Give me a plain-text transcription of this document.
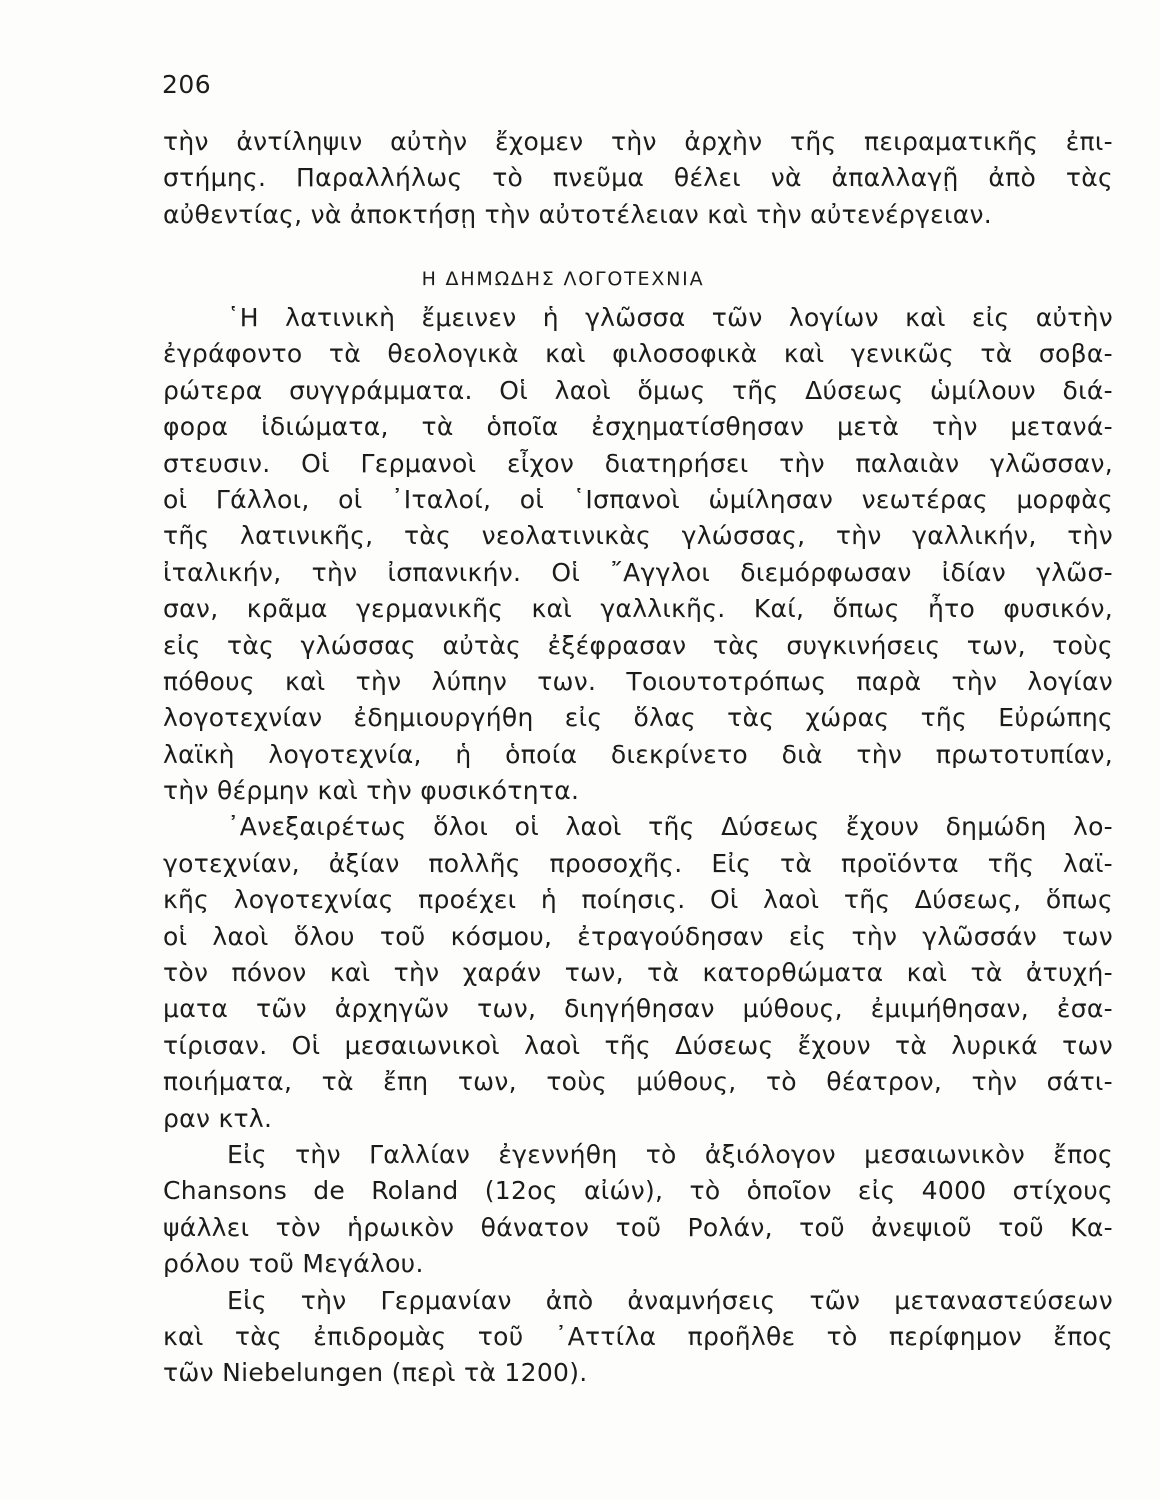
206
τὴν ἀντίληψιν αὐτὴν ἔχομεν τὴν ἀρχὴν τῆς πειραματικῆς ἐπι-
στήμης. Παραλλήλως τὸ πνεῦμα θέλει νὰ ἀπαλλαγῇ ἀπὸ τὰς
αὐθεντίας, νὰ ἀποκτήσῃ τὴν αὐτοτέλειαν καὶ τὴν αὐτενέργειαν.
Η ΔΗΜΩΔΗΣ ΛΟΓΟΤΕΧΝΙΑ
῾Η λατινικὴ ἔμεινεν ἡ γλῶσσα τῶν λογίων καὶ εἰς αὐτὴν
ἐγράφοντο τὰ θεολογικὰ καὶ φιλοσοφικὰ καὶ γενικῶς τὰ σοβα-
ρώτερα συγγράμματα. Οἱ λαοὶ ὅμως τῆς Δύσεως ὡμίλουν διά-
φορα ἰδιώματα, τὰ ὁποῖα ἐσχηματίσθησαν μετὰ τὴν μετανά-
στευσιν. Οἱ Γερμανοὶ εἶχον διατηρήσει τὴν παλαιὰν γλῶσσαν,
οἱ Γάλλοι, οἱ ᾿Ιταλοί, οἱ ῾Ισπανοὶ ὡμίλησαν νεωτέρας μορφὰς
τῆς λατινικῆς, τὰς νεολατινικὰς γλώσσας, τὴν γαλλικήν, τὴν
ἰταλικήν, τὴν ἰσπανικήν. Οἱ ῎Αγγλοι διεμόρφωσαν ἰδίαν γλῶσ-
σαν, κρᾶμα γερμανικῆς καὶ γαλλικῆς. Καί, ὅπως ἦτο φυσικόν,
εἰς τὰς γλώσσας αὐτὰς ἐξέφρασαν τὰς συγκινήσεις των, τοὺς
πόθους καὶ τὴν λύπην των. Τοιουτοτρόπως παρὰ τὴν λογίαν
λογοτεχνίαν ἐδημιουργήθη εἰς ὅλας τὰς χώρας τῆς Εὐρώπης
λαϊκὴ λογοτεχνία, ἡ ὁποία διεκρίνετο διὰ τὴν πρωτοτυπίαν,
τὴν θέρμην καὶ τὴν φυσικότητα.
᾿Ανεξαιρέτως ὅλοι οἱ λαοὶ τῆς Δύσεως ἔχουν δημώδη λο-
γοτεχνίαν, ἀξίαν πολλῆς προσοχῆς. Εἰς τὰ προϊόντα τῆς λαϊ-
κῆς λογοτεχνίας προέχει ἡ ποίησις. Οἱ λαοὶ τῆς Δύσεως, ὅπως
οἱ λαοὶ ὅλου τοῦ κόσμου, ἐτραγούδησαν εἰς τὴν γλῶσσάν των
τὸν πόνον καὶ τὴν χαράν των, τὰ κατορθώματα καὶ τὰ ἀτυχή-
ματα τῶν ἀρχηγῶν των, διηγήθησαν μύθους, ἐμιμήθησαν, ἐσα-
τίρισαν. Οἱ μεσαιωνικοὶ λαοὶ τῆς Δύσεως ἔχουν τὰ λυρικά των
ποιήματα, τὰ ἔπη των, τοὺς μύθους, τὸ θέατρον, τὴν σάτι-
ραν κτλ.
Εἰς τὴν Γαλλίαν ἐγεννήθη τὸ ἀξιόλογον μεσαιωνικὸν ἔπος
Chansons de Roland (12ος αἰών), τὸ ὁποῖον εἰς 4000 στίχους
ψάλλει τὸν ἡρωικὸν θάνατον τοῦ Ρολάν, τοῦ ἀνεψιοῦ τοῦ Κα-
ρόλου τοῦ Μεγάλου.
Εἰς τὴν Γερμανίαν ἀπὸ ἀναμνήσεις τῶν μεταναστεύσεων
καὶ τὰς ἐπιδρομὰς τοῦ ᾿Αττίλα προῆλθε τὸ περίφημον ἔπος
τῶν Niebelungen (περὶ τὰ 1200).
